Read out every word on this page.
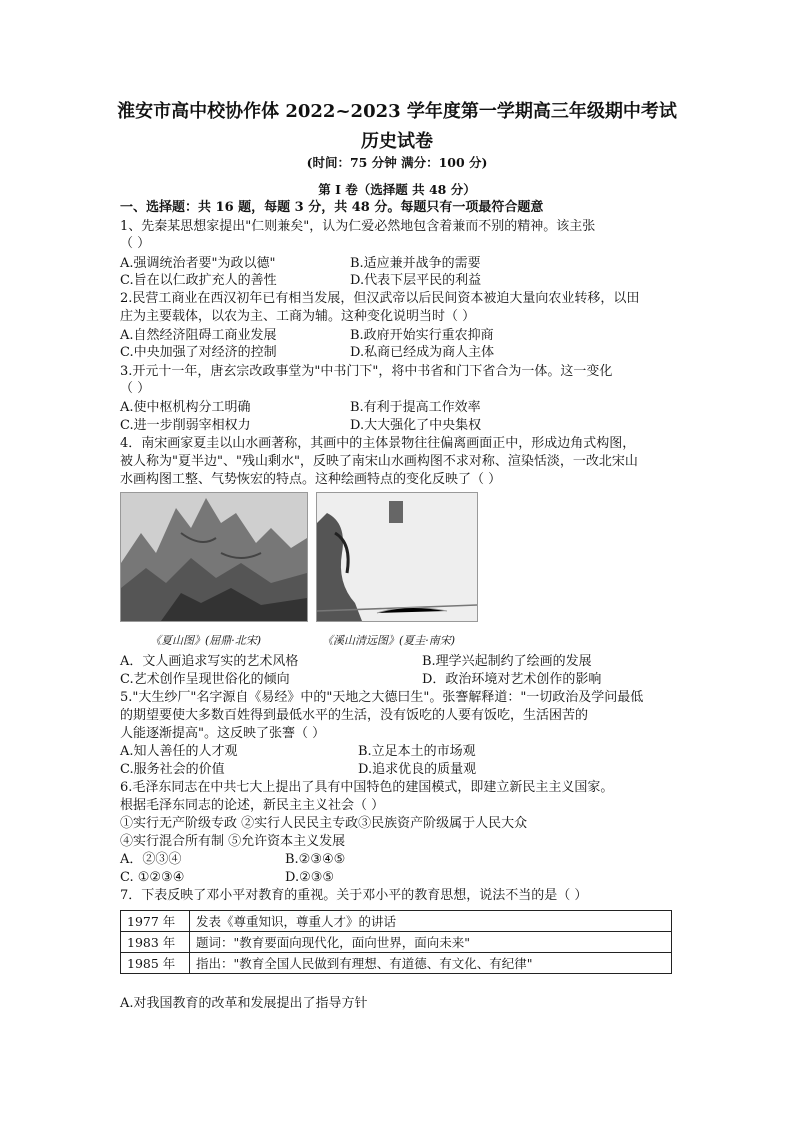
淮安市高中校协作体 2022~2023 学年度第一学期高三年级期中考试
历史试卷
(时间：75 分钟 满分：100 分)
第 I 卷（选择题 共 48 分）
一、选择题：共 16 题，每题 3 分，共 48 分。每题只有一项最符合题意
1、先秦某思想家提出"仁则兼矣"，认为仁爱必然地包含着兼而不别的精神。该主张
（ ）
A.强调统治者要"为政以德"	B.适应兼并战争的需要
C.旨在以仁政扩充人的善性	D.代表下层平民的利益
2.民营工商业在西汉初年已有相当发展，但汉武帝以后民间资本被迫大量向农业转移，以田
庄为主要载体，以农为主、工商为辅。这种变化说明当时（ ）
A.自然经济阻碍工商业发展	B.政府开始实行重农抑商
C.中央加强了对经济的控制	D.私商已经成为商人主体
3.开元十一年，唐玄宗改政事堂为"中书门下"，将中书省和门下省合为一体。这一变化
（ ）
A.使中枢机构分工明确	B.有利于提高工作效率
C.进一步削弱宰相权力	D.大大强化了中央集权
4．南宋画家夏圭以山水画著称，其画中的主体景物往往偏离画面正中，形成边角式构图，
被人称为"夏半边"、"残山剩水"，反映了南宋山水画构图不求对称、渲染恬淡，一改北宋山
水画构图工整、气势恢宏的特点。这种绘画特点的变化反映了（ ）
《夏山图》(屈鼎·北宋)	《溪山清远图》(夏圭·南宋)
A．文人画追求写实的艺术风格	B.理学兴起制约了绘画的发展
C.艺术创作呈现世俗化的倾向	D．政治环境对艺术创作的影响
5."大生纱厂"名字源自《易经》中的"天地之大德曰生"。张謇解释道："一切政治及学问最低
的期望要使大多数百姓得到最低水平的生活，没有饭吃的人要有饭吃，生活困苦的
人能逐渐提高"。这反映了张謇（ ）
A.知人善任的人才观	B.立足本土的市场观
C.服务社会的价值	D.追求优良的质量观
6.毛泽东同志在中共七大上提出了具有中国特色的建国模式，即建立新民主主义国家。
根据毛泽东同志的论述，新民主主义社会（ ）
①实行无产阶级专政 ②实行人民民主专政③民族资产阶级属于人民大众
④实行混合所有制 ⑤允许资本主义发展
A．②③④	B.②③④⑤
C. ①②③④	D.②③⑤
7．下表反映了邓小平对教育的重视。关于邓小平的教育思想，说法不当的是（ ）
1977 年	发表《尊重知识，尊重人才》的讲话
1983 年	题词："教育要面向现代化，面向世界，面向未来"
1985 年	指出："教育全国人民做到有理想、有道德、有文化、有纪律"
A.对我国教育的改革和发展提出了指导方针
